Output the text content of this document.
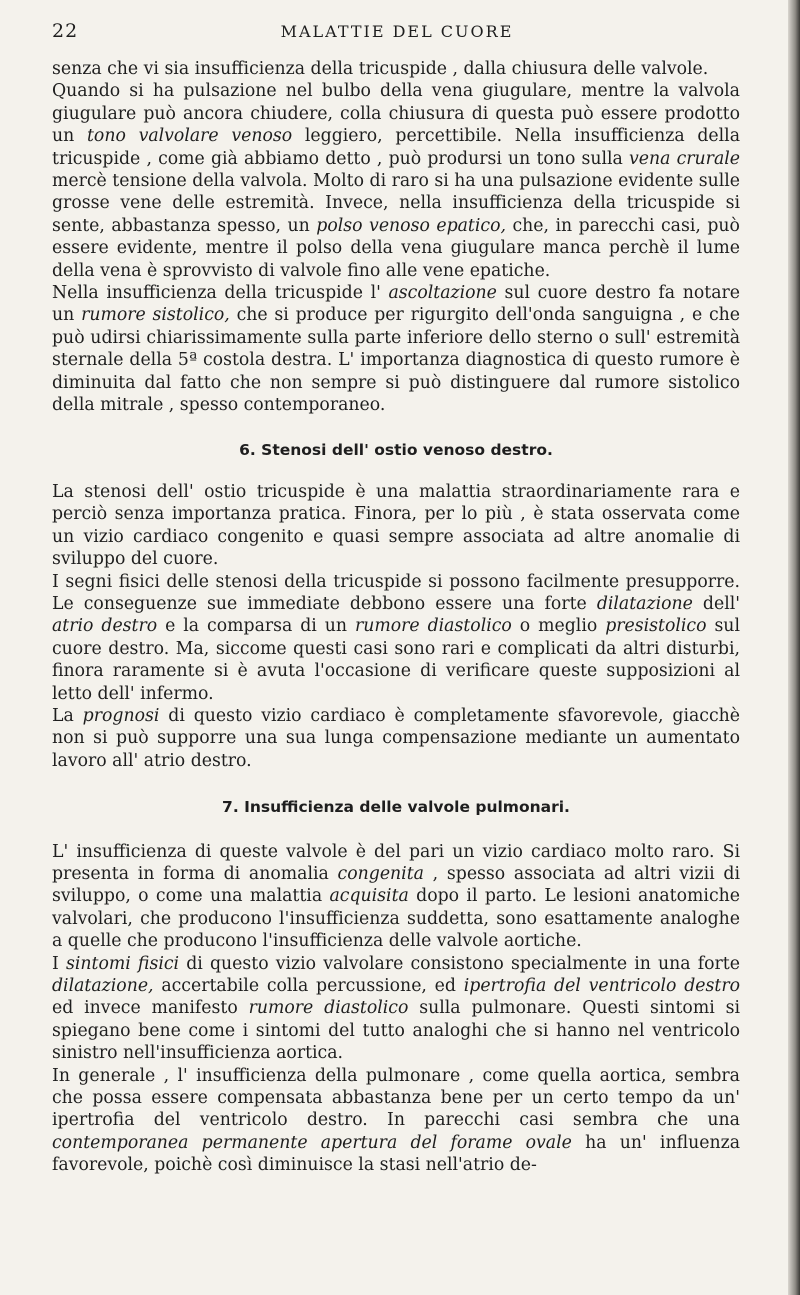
22	MALATTIE DEL CUORE

senza che vi sia insufficienza della tricuspide , dalla chiusura delle valvole.

Quando si ha pulsazione nel bulbo della vena giugulare, mentre la valvola giugulare può ancora chiudere, colla chiusura di questa può essere prodotto un tono valvolare venoso leggiero, percettibile. Nella insufficienza della tricuspide , come già abbiamo detto , può prodursi un tono sulla vena crurale mercè tensione della valvola. Molto di raro si ha una pulsazione evidente sulle grosse vene delle estremità. Invece, nella insufficienza della tricuspide si sente, abbastanza spesso, un polso venoso epatico, che, in parecchi casi, può essere evidente, mentre il polso della vena giugulare manca perchè il lume della vena è sprovvisto di valvole fino alle vene epatiche.

Nella insufficienza della tricuspide l' ascoltazione sul cuore destro fa notare un rumore sistolico, che si produce per rigurgito dell'onda sanguigna , e che può udirsi chiarissimamente sulla parte inferiore dello sterno o sull' estremità sternale della 5ª costola destra. L' importanza diagnostica di questo rumore è diminuita dal fatto che non sempre si può distinguere dal rumore sistolico della mitrale , spesso contemporaneo.

6. Stenosi dell' ostio venoso destro.

La stenosi dell' ostio tricuspide è una malattia straordinariamente rara e perciò senza importanza pratica. Finora, per lo più , è stata osservata come un vizio cardiaco congenito e quasi sempre associata ad altre anomalie di sviluppo del cuore.

I segni fisici delle stenosi della tricuspide si possono facilmente presupporre. Le conseguenze sue immediate debbono essere una forte dilatazione dell' atrio destro e la comparsa di un rumore diastolico o meglio presistolico sul cuore destro. Ma, siccome questi casi sono rari e complicati da altri disturbi, finora raramente si è avuta l'occasione di verificare queste supposizioni al letto dell' infermo.

La prognosi di questo vizio cardiaco è completamente sfavorevole, giacchè non si può supporre una sua lunga compensazione mediante un aumentato lavoro all' atrio destro.

7. Insufficienza delle valvole pulmonari.

L' insufficienza di queste valvole è del pari un vizio cardiaco molto raro. Si presenta in forma di anomalia congenita , spesso associata ad altri vizii di sviluppo, o come una malattia acquisita dopo il parto. Le lesioni anatomiche valvolari, che producono l'insufficienza suddetta, sono esattamente analoghe a quelle che producono l'insufficienza delle valvole aortiche.

I sintomi fisici di questo vizio valvolare consistono specialmente in una forte dilatazione, accertabile colla percussione, ed ipertrofia del ventricolo destro ed invece manifesto rumore diastolico sulla pulmonare. Questi sintomi si spiegano bene come i sintomi del tutto analoghi che si hanno nel ventricolo sinistro nell'insufficienza aortica.

In generale , l' insufficienza della pulmonare , come quella aortica, sembra che possa essere compensata abbastanza bene per un certo tempo da un' ipertrofia del ventricolo destro. In parecchi casi sembra che una contemporanea permanente apertura del forame ovale ha un' influenza favorevole, poichè così diminuisce la stasi nell'atrio de-
